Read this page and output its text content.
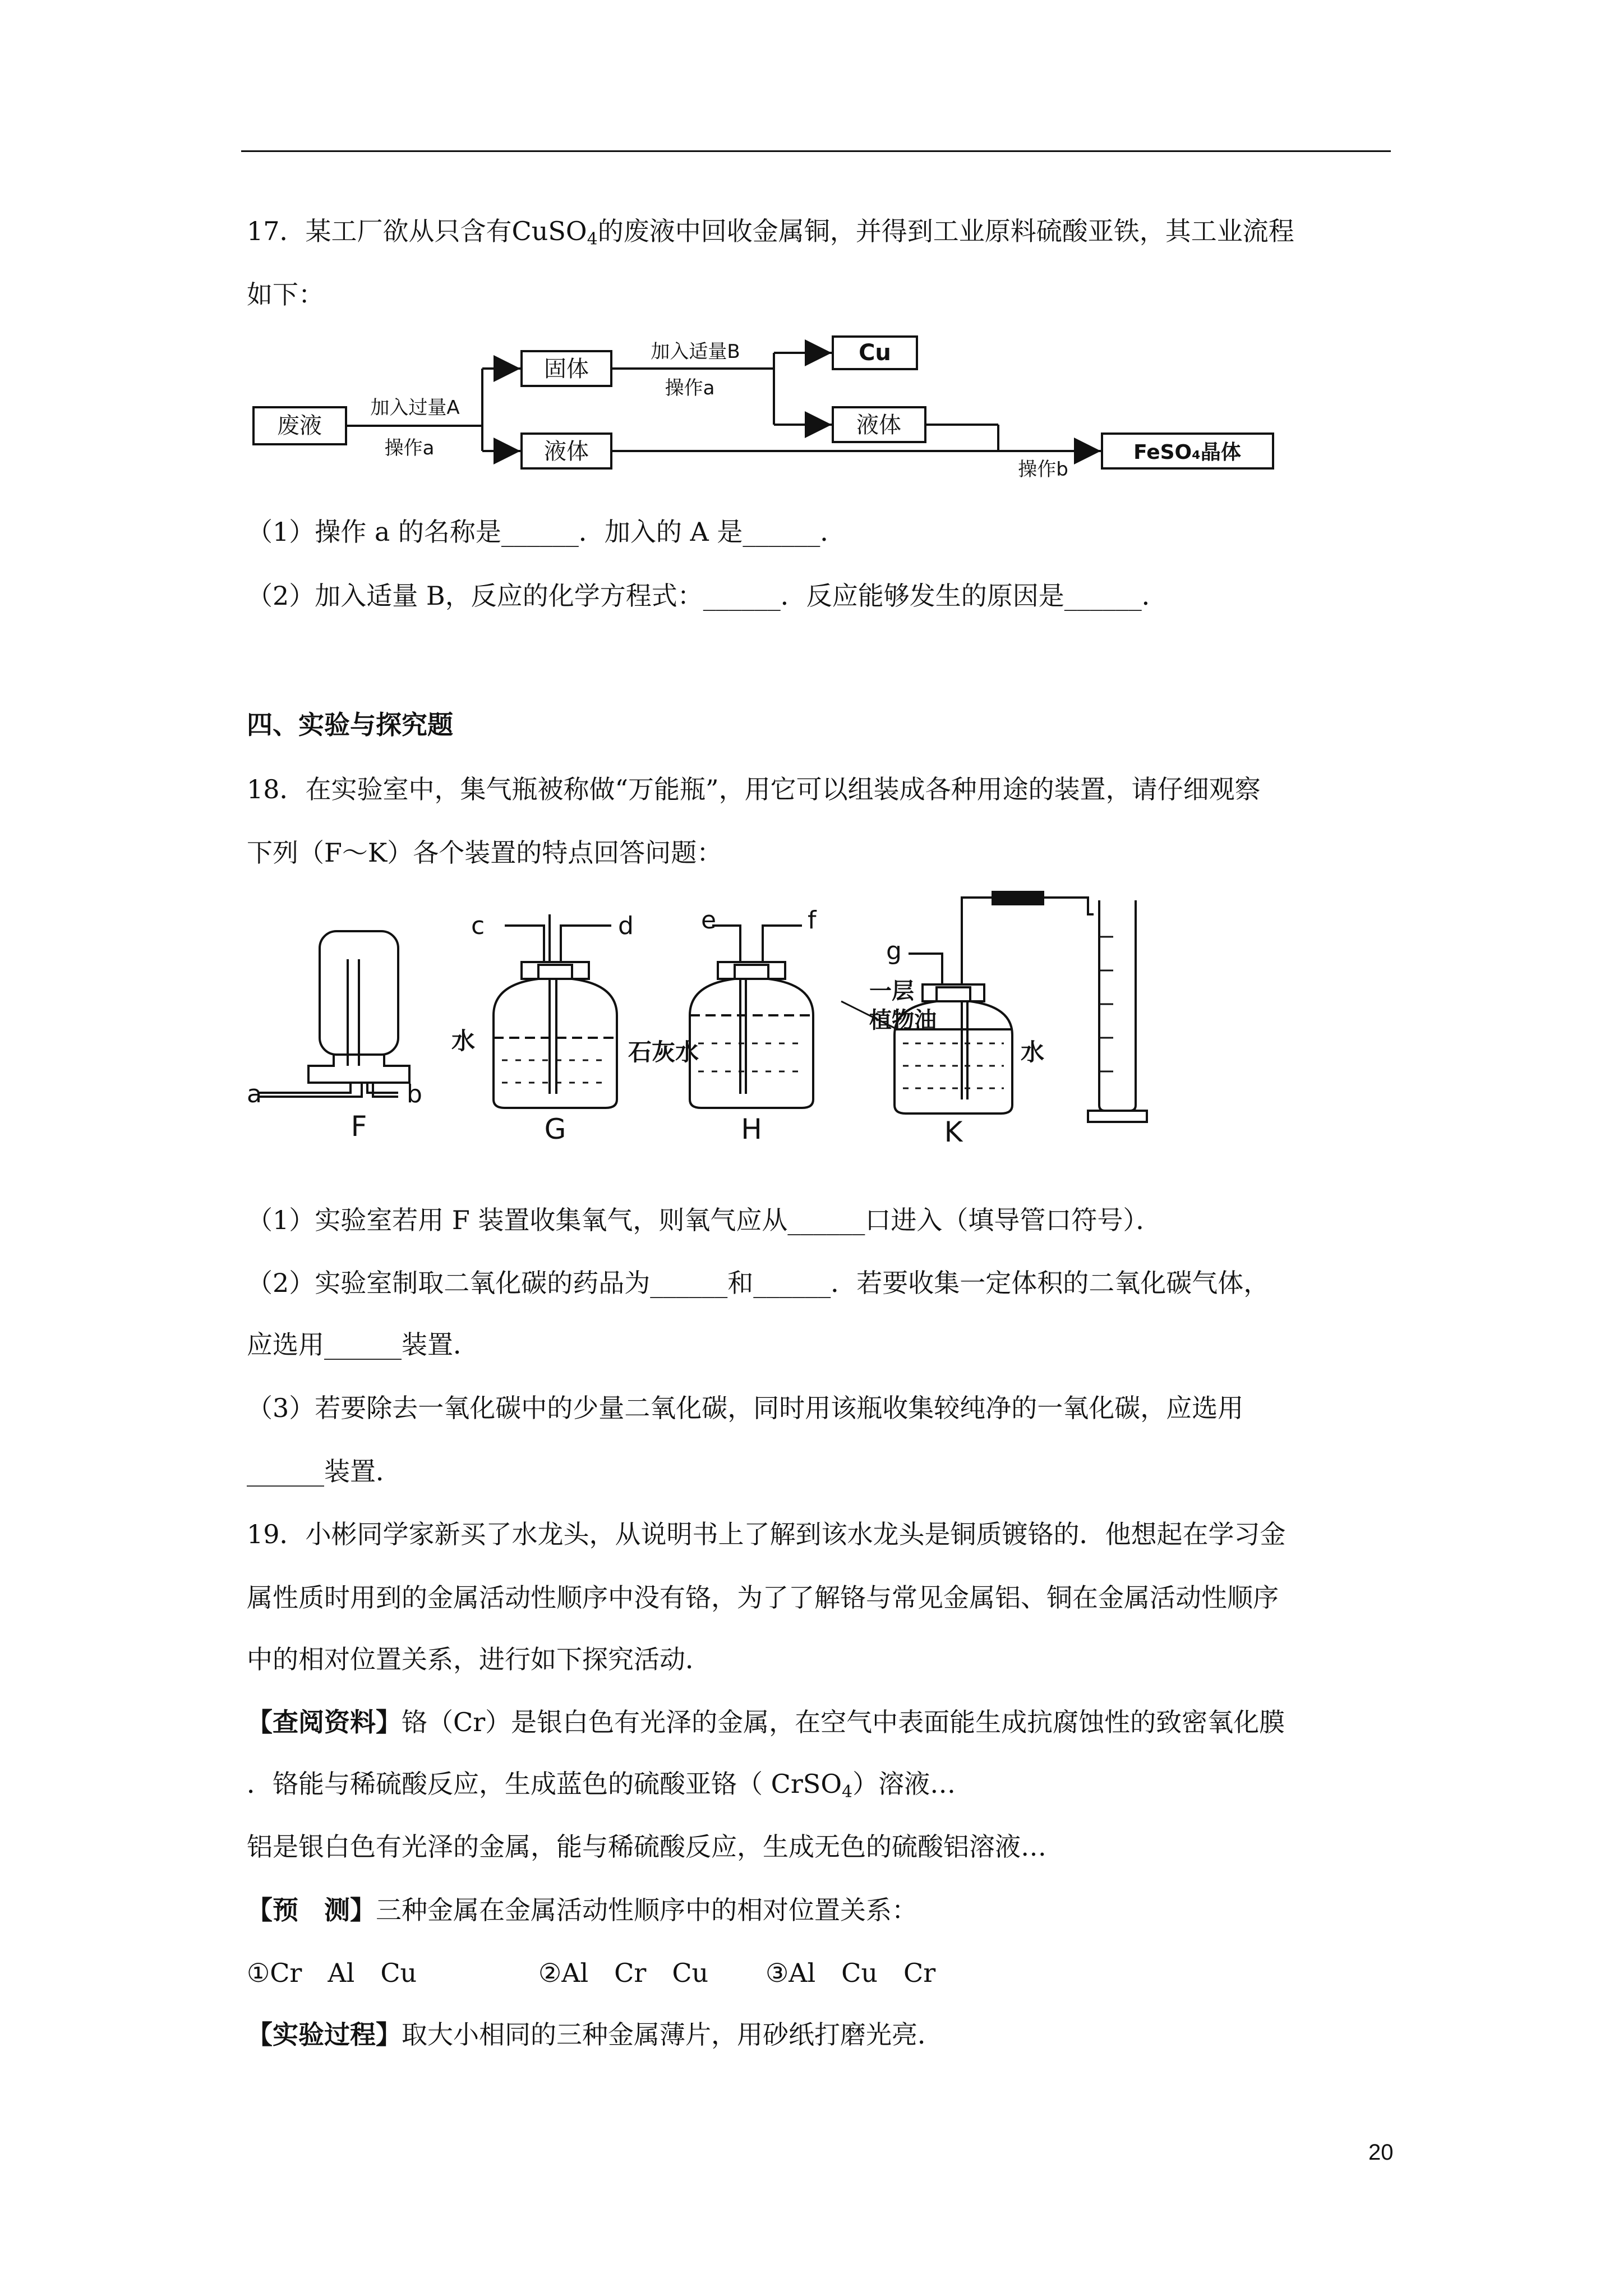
17．某工厂欲从只含有CuSO$_4$的废液中回收金属铜，并得到工业原料硫酸亚铁，其工业流程
如下：
废液
加入过量A
操作a
固体
液体
加入适量B
操作a
Cu
液体
操作b
FeSO₄晶体
（1）操作 a 的名称是______．加入的 A 是______．
（2）加入适量 B，反应的化学方程式：______．反应能够发生的原因是______．
四、实验与探究题
18．在实验室中，集气瓶被称做“万能瓶”，用它可以组装成各种用途的装置，请仔细观察
下列（F～K）各个装置的特点回答问题：
a	b
F
c	d
水
G
e	f
石灰水
H
g
一层
植物油
水
K
（1）实验室若用 F 装置收集氧气，则氧气应从______口进入（填导管口符号）．
（2）实验室制取二氧化碳的药品为______和______．若要收集一定体积的二氧化碳气体，
应选用______装置．
（3）若要除去一氧化碳中的少量二氧化碳，同时用该瓶收集较纯净的一氧化碳，应选用
______装置．
19．小彬同学家新买了水龙头，从说明书上了解到该水龙头是铜质镀铬的．他想起在学习金
属性质时用到的金属活动性顺序中没有铬，为了了解铬与常见金属铝、铜在金属活动性顺序
中的相对位置关系，进行如下探究活动．
【查阅资料】铬（Cr）是银白色有光泽的金属，在空气中表面能生成抗腐蚀性的致密氧化膜
．铬能与稀硫酸反应，生成蓝色的硫酸亚铬（ CrSO$_4$）溶液…
铝是银白色有光泽的金属，能与稀硫酸反应，生成无色的硫酸铝溶液…
【预　测】三种金属在金属活动性顺序中的相对位置关系：
①Cr　Al　Cu	②Al　Cr　Cu ③Al　Cu　Cr
【实验过程】取大小相同的三种金属薄片，用砂纸打磨光亮．
20
